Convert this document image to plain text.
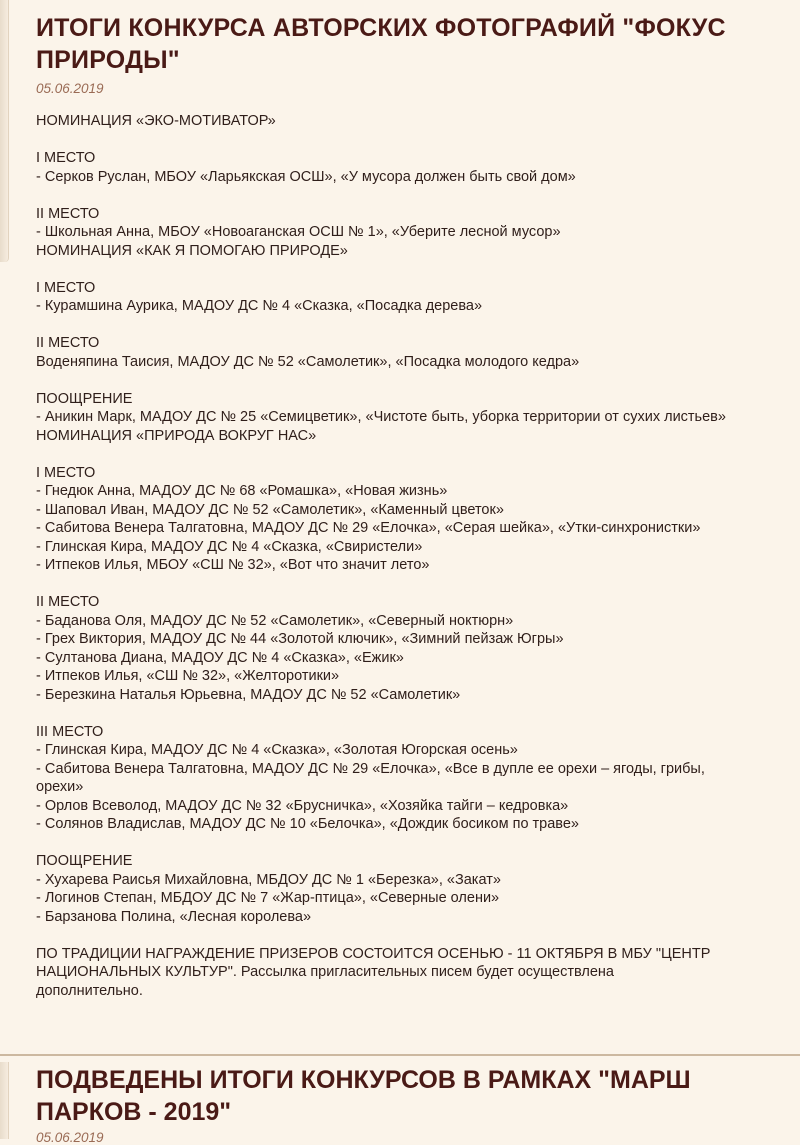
ИТОГИ КОНКУРСА АВТОРСКИХ ФОТОГРАФИЙ "ФОКУС ПРИРОДЫ"
05.06.2019
НОМИНАЦИЯ «ЭКО-МОТИВАТОР»
I МЕСТО
- Серков Руслан, МБОУ «Ларьякская ОСШ», «У мусора должен быть свой дом»
II МЕСТО
- Школьная Анна, МБОУ «Новоаганская ОСШ № 1», «Уберите лесной мусор»
НОМИНАЦИЯ «КАК Я ПОМОГАЮ ПРИРОДЕ»
I МЕСТО
- Курамшина Аурика, МАДОУ ДС № 4 «Сказка, «Посадка дерева»
II МЕСТО
Воденяпина Таисия, МАДОУ ДС № 52 «Самолетик», «Посадка молодого кедра»
ПООЩРЕНИЕ
- Аникин Марк, МАДОУ ДС № 25 «Семицветик», «Чистоте быть, уборка территории от сухих листьев»
НОМИНАЦИЯ «ПРИРОДА ВОКРУГ НАС»
I МЕСТО
- Гнедюк Анна, МАДОУ ДС № 68 «Ромашка», «Новая жизнь»
- Шаповал Иван, МАДОУ ДС № 52 «Самолетик», «Каменный цветок»
- Сабитова Венера Талгатовна, МАДОУ ДС № 29 «Елочка», «Серая шейка», «Утки-синхронистки»
- Глинская Кира, МАДОУ ДС № 4 «Сказка, «Свиристели»
- Итпеков Илья, МБОУ «СШ № 32», «Вот что значит лето»
II МЕСТО
- Баданова Оля, МАДОУ ДС № 52 «Самолетик», «Северный ноктюрн»
- Грех Виктория, МАДОУ ДС № 44 «Золотой ключик», «Зимний пейзаж Югры»
- Султанова Диана, МАДОУ ДС № 4 «Сказка», «Ежик»
- Итпеков Илья, «СШ № 32», «Желторотики»
- Березкина Наталья Юрьевна, МАДОУ ДС № 52 «Самолетик»
III МЕСТО
- Глинская Кира, МАДОУ ДС № 4 «Сказка», «Золотая Югорская осень»
- Сабитова Венера Талгатовна, МАДОУ ДС № 29 «Елочка», «Все в дупле ее орехи – ягоды, грибы,
орехи»
- Орлов Всеволод, МАДОУ ДС № 32 «Брусничка», «Хозяйка тайги – кедровка»
- Солянов Владислав, МАДОУ ДС № 10 «Белочка», «Дождик босиком по траве»
ПООЩРЕНИЕ
- Хухарева Раисья Михайловна, МБДОУ ДС № 1 «Березка», «Закат»
- Логинов Степан, МБДОУ ДС № 7 «Жар-птица», «Северные олени»
- Барзанова Полина, «Лесная королева»
ПО ТРАДИЦИИ НАГРАЖДЕНИЕ ПРИЗЕРОВ СОСТОИТСЯ ОСЕНЬЮ - 11 ОКТЯБРЯ В МБУ "ЦЕНТР
НАЦИОНАЛЬНЫХ КУЛЬТУР". Рассылка пригласительных писем будет осуществлена
дополнительно.
ПОДВЕДЕНЫ ИТОГИ КОНКУРСОВ В РАМКАХ "МАРШ ПАРКОВ - 2019"
05.06.2019
